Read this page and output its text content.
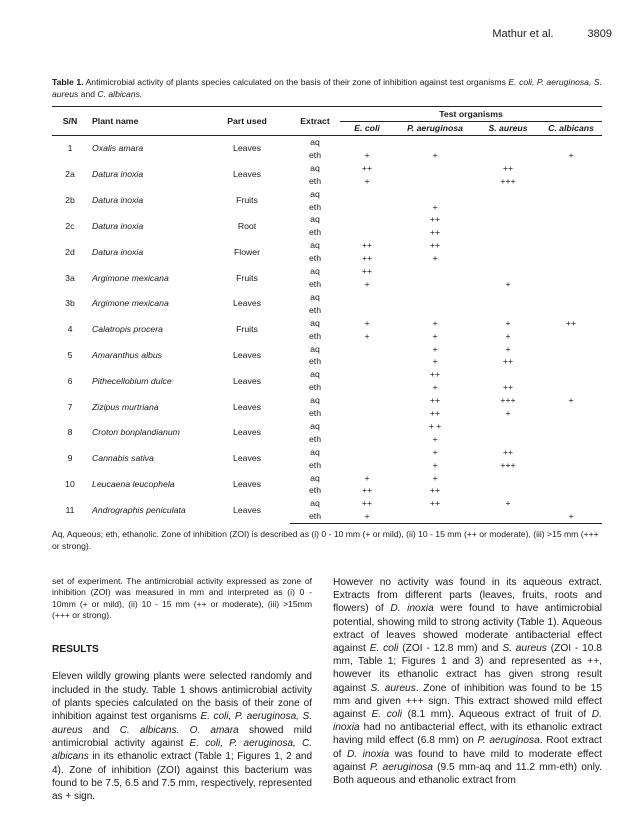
Mathur et al.	3809
Table 1. Antimicrobial activity of plants species calculated on the basis of their zone of inhibition against test organisms E. coli, P. aeruginosa, S. aureus and C. albicans.
S/N	Plant name	Part used	Extract	Test organisms			
				E. coli	P. aeruginosa	S. aureus	C. albicans
1	Oxalis amara	Leaves	aq				
			eth	+	+		+
2a	Datura inoxia	Leaves	aq	++		++	
			eth	+		+++	
2b	Datura inoxia	Fruits	aq				
			eth		+		
2c	Datura inoxia	Root	aq		++		
			eth		++		
2d	Datura inoxia	Flower	aq	++	++		
			eth	++	+		
3a	Argimone mexicana	Fruits	aq	++			
			eth	+		+	
3b	Argimone mexicana	Leaves	aq				
			eth				
4	Calatropis procera	Fruits	aq	+	+	+	++
			eth	+	+	+	
5	Amaranthus albus	Leaves	aq		+	+	
			eth		+	++	
6	Pithecellobium dulce	Leaves	aq		++		
			eth		+	++	
7	Zizipus murtriana	Leaves	aq		++	+++	+
			eth		++	+	
8	Croton bonplandianum	Leaves	aq		+ +		
			eth		+		
9	Cannabis sativa	Leaves	aq		+	++	
			eth		+	+++	
10	Leucaena leucophela	Leaves	aq	+	+		
			eth	++	++		
11	Andrographis peniculata	Leaves	aq	++	++	+	
			eth	+			+
Aq, Aqueous; eth, ethanolic. Zone of inhibition (ZOI) is described as (i) 0 - 10 mm (+ or mild), (ii) 10 - 15 mm (++ or moderate), (iii) >15 mm (+++ or strong).

set of experiment. The antimicrobial activity expressed as zone of inhibition (ZOI) was measured in mm and interpreted as (i) 0 - 10mm (+ or mild), (ii) 10 - 15 mm (++ or moderate), (iii) >15mm (+++ or strong).

RESULTS

Eleven wildly growing plants were selected randomly and included in the study. Table 1 shows antimicrobial activity of plants species calculated on the basis of their zone of inhibition against test organisms E. coli, P. aeruginosa, S. aureus and C. albicans. O. amara showed mild antimicrobial activity against E. coli, P. aeruginosa, C. albicans in its ethanolic extract (Table 1; Figures 1, 2 and 4). Zone of inhibition (ZOI) against this bacterium was found to be 7.5, 6.5 and 7.5 mm, respectively, represented as + sign.

However no activity was found in its aqueous extract. Extracts from different parts (leaves, fruits, roots and flowers) of D. inoxia were found to have antimicrobial potential, showing mild to strong activity (Table 1). Aqueous extract of leaves showed moderate antibacterial effect against E. coli (ZOI - 12.8 mm) and S. aureus (ZOI - 10.8 mm, Table 1; Figures 1 and 3) and represented as ++, however its ethanolic extract has given strong result against S. aureus. Zone of inhibition was found to be 15 mm and given +++ sign. This extract showed mild effect against E. coli (8.1 mm). Aqueous extract of fruit of D. inoxia had no antibacterial effect, with its ethanolic extract having mild effect (6.8 mm) on P. aeruginosa. Root extract of D. inoxia was found to have mild to moderate effect against P. aeruginosa (9.5 mm-aq and 11.2 mm-eth) only. Both aqueous and ethanolic extract from
